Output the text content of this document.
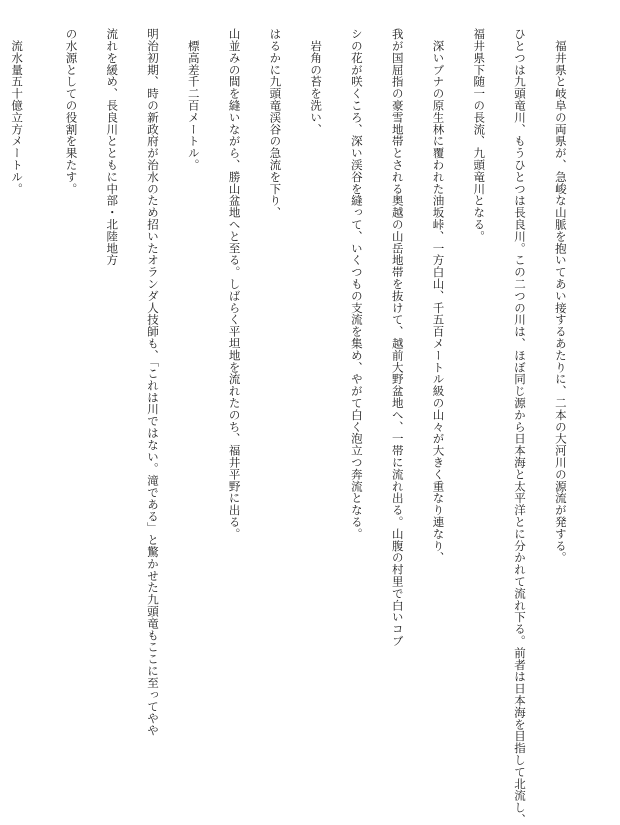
　福井県と岐阜の両県が、急峻な山脈を抱いてあい接するあたりに、二本の大河川の源流が発する。

ひとつは九頭竜川、もうひとつは長良川。この二つの川は、ほぼ同じ源から日本海と太平洋とに分かれて流れ下る。前者は日本海を目指して北流し、

福井県下随一の長流、九頭竜川となる。

　深いブナの原生林に覆われた油坂峠、一方白山、千五百メートル級の山々が大きく重なり連なり、

我が国屈指の豪雪地帯とされる奥越の山岳地帯を抜けて、越前大野盆地へ、一帯に流れ出る。山腹の村里で白いコブ

シの花が咲くころ、深い渓谷を縫って、いくつもの支流を集め、やがて白く泡立つ奔流となる。

　岩角の苔を洗い、

はるかに九頭竜渓谷の急流を下り、

山並みの間を縫いながら、勝山盆地へと至る。しばらく平坦地を流れたのち、福井平野に出る。

　標高差千二百メートル。

明治初期、時の新政府が治水のため招いたオランダ人技師も、「これは川ではない。滝である」と驚かせた九頭竜もここに至ってやや

流れを緩め、長良川とともに中部・北陸地方

の水源としての役割を果たす。

　流水量五十億立方メートル。
